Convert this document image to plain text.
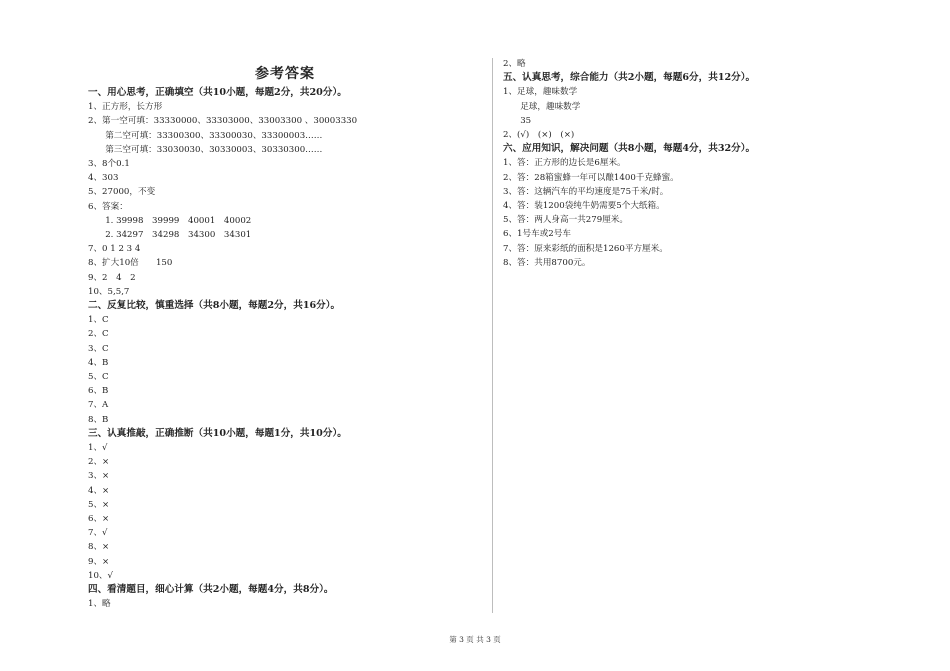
参考答案
一、用心思考，正确填空（共10小题，每题2分，共20分）。
1、正方形，长方形
2、第一空可填：33330000、33303000、33003300 、30003330
　　第二空可填：33300300、33300030、33300003……
　　第三空可填：33030030、30330003、30330300……
3、8个0.1
4、303
5、27000，不变
6、答案：
　　1. 39998　39999　40001　40002
　　2. 34297　34298　34300　34301
7、0 1 2 3 4
8、扩大10倍　　150
9、2　4　2
10、5,5,7
二、反复比较，慎重选择（共8小题，每题2分，共16分）。
1、C
2、C
3、C
4、B
5、C
6、B
7、A
8、B
三、认真推敲，正确推断（共10小题，每题1分，共10分）。
1、√
2、×
3、×
4、×
5、×
6、×
7、√
8、×
9、×
10、√
四、看清题目，细心计算（共2小题，每题4分，共8分）。
1、略
2、略
五、认真思考，综合能力（共2小题，每题6分，共12分）。
1、足球，趣味数学
　　足球，趣味数学
　　35
2、(√)　(×)　(×)
六、应用知识，解决问题（共8小题，每题4分，共32分）。
1、答：正方形的边长是6厘米。
2、答：28箱蜜蜂一年可以酿1400千克蜂蜜。
3、答：这辆汽车的平均速度是75千米/时。
4、答：装1200袋纯牛奶需要5个大纸箱。
5、答：两人身高一共279厘米。
6、1号车或2号车
7、答：原来彩纸的面积是1260平方厘米。
8、答：共用8700元。
第 3 页 共 3 页
